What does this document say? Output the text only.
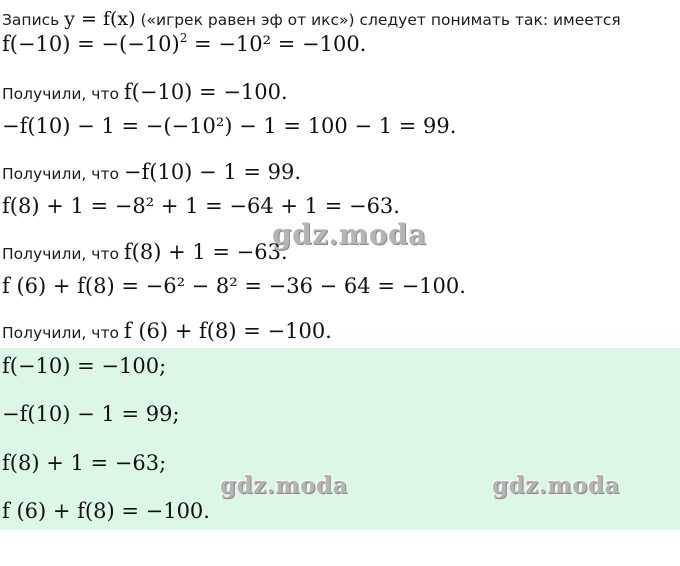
Запись y = f(x) («игрек равен эф от икс») следует понимать так: имеется
$f(-10) = -(-10)^2 = -10^2 = -100$.
Получили, что f(−10) = −100.
−f(10) − 1 = −(−10²) − 1 = 100 − 1 = 99.
Получили, что −f(10) − 1 = 99.
f(8) + 1 = −8² + 1 = −64 + 1 = −63.
Получили, что f(8) + 1 = −63.
f (6) + f(8) = −6² − 8² = −36 − 64 = −100.
Получили, что f (6) + f(8) = −100.
f(−10) = −100;
−f(10) − 1 = 99;
f(8) + 1 = −63;
f (6) + f(8) = −100.
gdz.moda
gdz.moda	gdz.moda
